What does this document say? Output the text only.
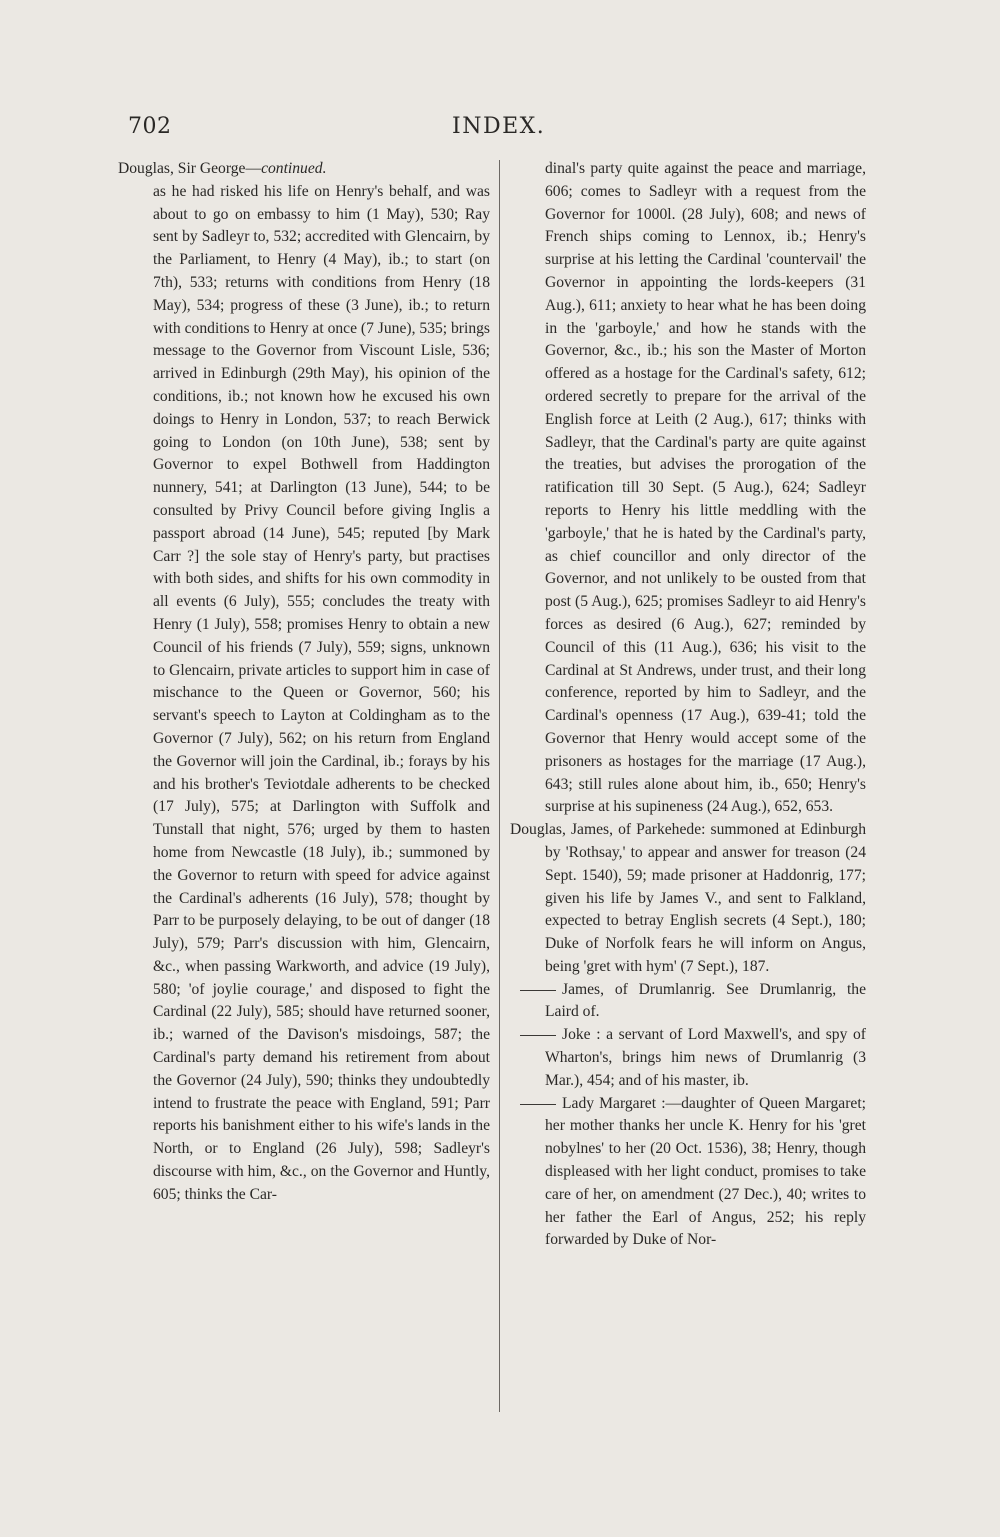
702	INDEX.

Douglas, Sir George—continued.

as he had risked his life on Henry's behalf, and was about to go on embassy to him (1 May), 530; Ray sent by Sadleyr to, 532; accredited with Glencairn, by the Parliament, to Henry (4 May), ib.; to start (on 7th), 533; returns with conditions from Henry (18 May), 534; progress of these (3 June), ib.; to return with conditions to Henry at once (7 June), 535; brings message to the Governor from Viscount Lisle, 536; arrived in Edinburgh (29th May), his opinion of the conditions, ib.; not known how he excused his own doings to Henry in London, 537; to reach Berwick going to London (on 10th June), 538; sent by Governor to expel Bothwell from Haddington nunnery, 541; at Darlington (13 June), 544; to be consulted by Privy Council before giving Inglis a passport abroad (14 June), 545; reputed [by Mark Carr ?] the sole stay of Henry's party, but practises with both sides, and shifts for his own commodity in all events (6 July), 555; concludes the treaty with Henry (1 July), 558; promises Henry to obtain a new Council of his friends (7 July), 559; signs, unknown to Glencairn, private articles to support him in case of mischance to the Queen or Governor, 560; his servant's speech to Layton at Coldingham as to the Governor (7 July), 562; on his return from England the Governor will join the Cardinal, ib.; forays by his and his brother's Teviotdale adherents to be checked (17 July), 575; at Darlington with Suffolk and Tunstall that night, 576; urged by them to hasten home from Newcastle (18 July), ib.; summoned by the Governor to return with speed for advice against the Cardinal's adherents (16 July), 578; thought by Parr to be purposely delaying, to be out of danger (18 July), 579; Parr's discussion with him, Glencairn, &c., when passing Warkworth, and advice (19 July), 580; 'of joylie courage,' and disposed to fight the Cardinal (22 July), 585; should have returned sooner, ib.; warned of the Davison's misdoings, 587; the Cardinal's party demand his retirement from about the Governor (24 July), 590; thinks they undoubtedly intend to frustrate the peace with England, 591; Parr reports his banishment either to his wife's lands in the North, or to England (26 July), 598; Sadleyr's discourse with him, &c., on the Governor and Huntly, 605; thinks the Car-

dinal's party quite against the peace and marriage, 606; comes to Sadleyr with a request from the Governor for 1000l. (28 July), 608; and news of French ships coming to Lennox, ib.; Henry's surprise at his letting the Cardinal 'countervail' the Governor in appointing the lords-keepers (31 Aug.), 611; anxiety to hear what he has been doing in the 'garboyle,' and how he stands with the Governor, &c., ib.; his son the Master of Morton offered as a hostage for the Cardinal's safety, 612; ordered secretly to prepare for the arrival of the English force at Leith (2 Aug.), 617; thinks with Sadleyr, that the Cardinal's party are quite against the treaties, but advises the prorogation of the ratification till 30 Sept. (5 Aug.), 624; Sadleyr reports to Henry his little meddling with the 'garboyle,' that he is hated by the Cardinal's party, as chief councillor and only director of the Governor, and not unlikely to be ousted from that post (5 Aug.), 625; promises Sadleyr to aid Henry's forces as desired (6 Aug.), 627; reminded by Council of this (11 Aug.), 636; his visit to the Cardinal at St Andrews, under trust, and their long conference, reported by him to Sadleyr, and the Cardinal's openness (17 Aug.), 639-41; told the Governor that Henry would accept some of the prisoners as hostages for the marriage (17 Aug.), 643; still rules alone about him, ib., 650; Henry's surprise at his supineness (24 Aug.), 652, 653.

Douglas, James, of Parkehede: summoned at Edinburgh by 'Rothsay,' to appear and answer for treason (24 Sept. 1540), 59; made prisoner at Haddonrig, 177; given his life by James V., and sent to Falkland, expected to betray English secrets (4 Sept.), 180; Duke of Norfolk fears he will inform on Angus, being 'gret with hym' (7 Sept.), 187.

James, of Drumlanrig. See Drumlanrig, the Laird of.

Joke : a servant of Lord Maxwell's, and spy of Wharton's, brings him news of Drumlanrig (3 Mar.), 454; and of his master, ib.

Lady Margaret :—daughter of Queen Margaret; her mother thanks her uncle K. Henry for his 'gret nobylnes' to her (20 Oct. 1536), 38; Henry, though displeased with her light conduct, promises to take care of her, on amendment (27 Dec.), 40; writes to her father the Earl of Angus, 252; his reply forwarded by Duke of Nor-
